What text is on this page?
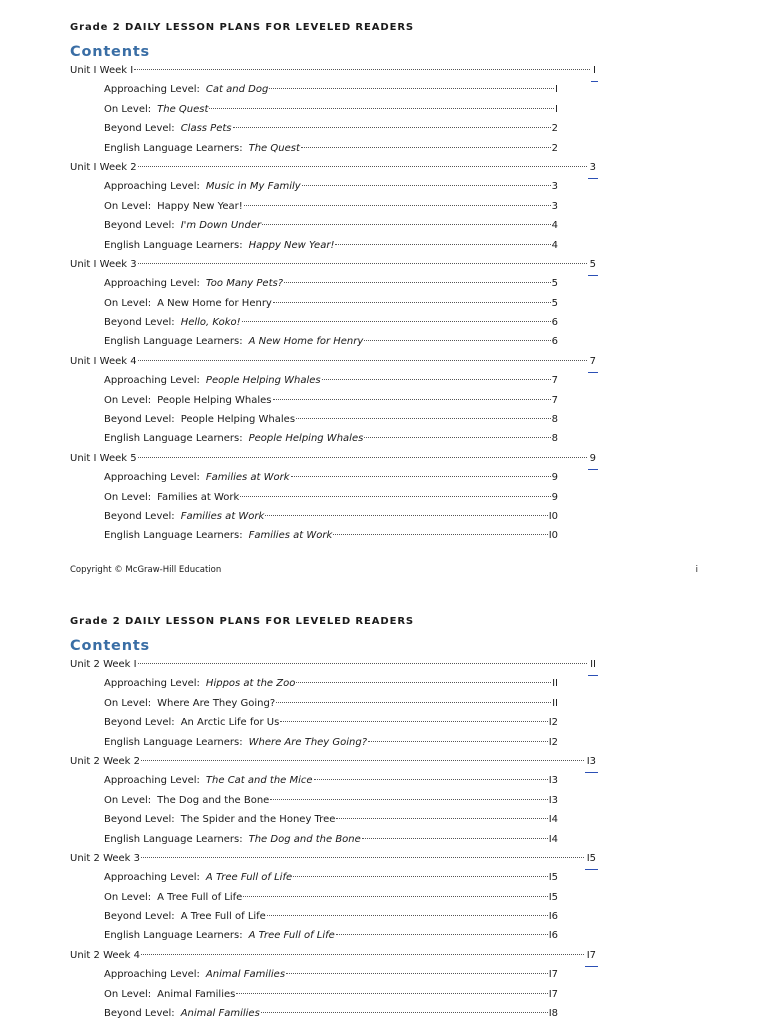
Grade 2 DAILY LESSON PLANS FOR LEVELED READERS
Contents
Unit I Week I	I
Approaching Level: Cat and Dog	I
On Level: The Quest	I
Beyond Level: Class Pets	2
English Language Learners: The Quest	2
Unit I Week 2	3
Approaching Level: Music in My Family	3
On Level: Happy New Year!	3
Beyond Level: I'm Down Under	4
English Language Learners: Happy New Year!	4
Unit I Week 3	5
Approaching Level: Too Many Pets?	5
On Level: A New Home for Henry	5
Beyond Level: Hello, Koko!	6
English Language Learners: A New Home for Henry	6
Unit I Week 4	7
Approaching Level: People Helping Whales	7
On Level: People Helping Whales	7
Beyond Level: People Helping Whales	8
English Language Learners: People Helping Whales	8
Unit I Week 5	9
Approaching Level: Families at Work	9
On Level: Families at Work	9
Beyond Level: Families at Work	I0
English Language Learners: Families at Work	I0
Copyright © McGraw-Hill Education	i
Grade 2 DAILY LESSON PLANS FOR LEVELED READERS
Contents
Unit 2 Week I	II
Approaching Level: Hippos at the Zoo	II
On Level: Where Are They Going?	II
Beyond Level: An Arctic Life for Us	I2
English Language Learners: Where Are They Going?	I2
Unit 2 Week 2	I3
Approaching Level: The Cat and the Mice	I3
On Level: The Dog and the Bone	I3
Beyond Level: The Spider and the Honey Tree	I4
English Language Learners: The Dog and the Bone	I4
Unit 2 Week 3	I5
Approaching Level: A Tree Full of Life	I5
On Level: A Tree Full of Life	I5
Beyond Level: A Tree Full of Life	I6
English Language Learners: A Tree Full of Life	I6
Unit 2 Week 4	I7
Approaching Level: Animal Families	I7
On Level: Animal Families	I7
Beyond Level: Animal Families	I8
